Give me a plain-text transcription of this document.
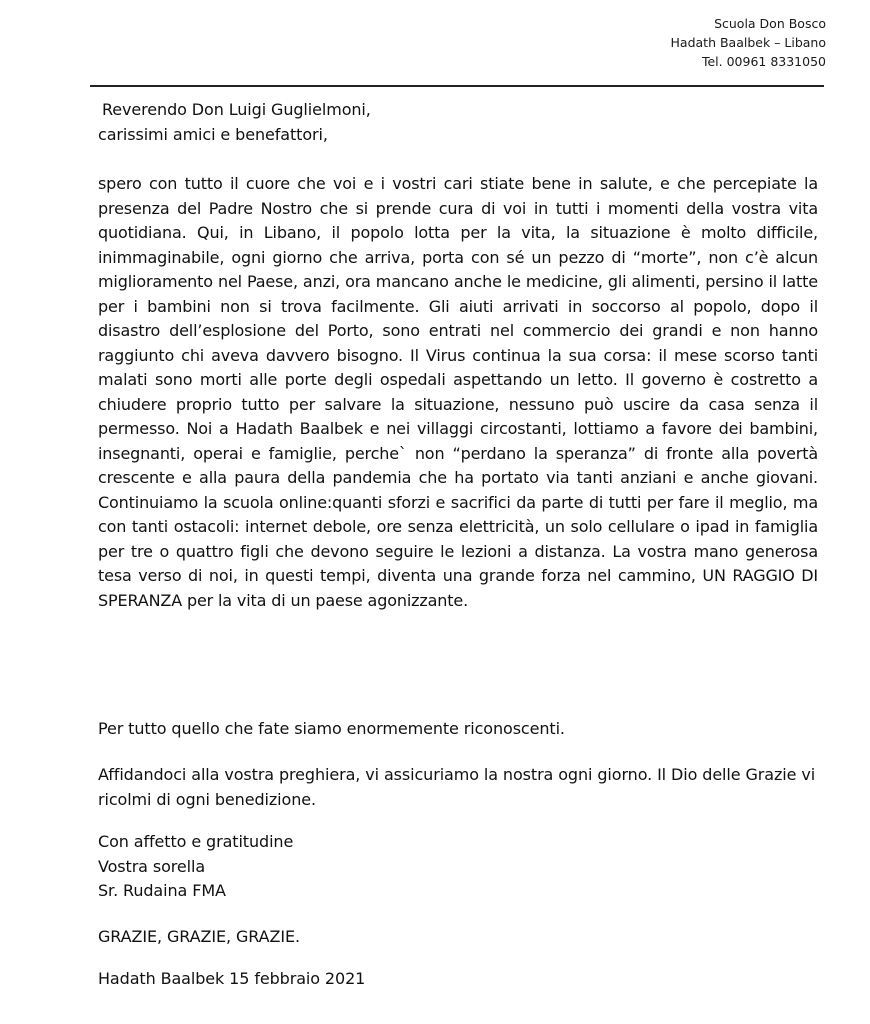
Scuola Don Bosco
Hadath Baalbek – Libano
Tel. 00961 8331050
Reverendo Don Luigi Guglielmoni,
carissimi amici e benefattori,

spero con tutto il cuore che voi e i vostri cari stiate bene in salute, e che percepiate la presenza del Padre Nostro che si prende cura di voi in tutti i momenti della vostra vita quotidiana. Qui, in Libano, il popolo lotta per la vita, la situazione è molto difficile, inimmaginabile, ogni giorno che arriva, porta con sé un pezzo di “morte”, non c’è alcun miglioramento nel Paese, anzi, ora mancano anche le medicine, gli alimenti, persino il latte per i bambini non si trova facilmente. Gli aiuti arrivati in soccorso al popolo, dopo il disastro dell’esplosione del Porto, sono entrati nel commercio dei grandi e non hanno raggiunto chi aveva davvero bisogno. Il Virus continua la sua corsa: il mese scorso tanti malati sono morti alle porte degli ospedali aspettando un letto. Il governo è costretto a chiudere proprio tutto per salvare la situazione, nessuno può uscire da casa senza il permesso. Noi a Hadath Baalbek e nei villaggi circostanti, lottiamo a favore dei bambini, insegnanti, operai e famiglie, perche` non “perdano la speranza” di fronte alla povertà crescente e alla paura della pandemia che ha portato via tanti anziani e anche giovani. Continuiamo la scuola online:quanti sforzi e sacrifici da parte di tutti per fare il meglio, ma con tanti ostacoli: internet debole, ore senza elettricità, un solo cellulare o ipad in famiglia per tre o quattro figli che devono seguire le lezioni a distanza. La vostra mano generosa tesa verso di noi, in questi tempi, diventa una grande forza nel cammino, UN RAGGIO DI SPERANZA per la vita di un paese agonizzante.

Per tutto quello che fate siamo enormemente riconoscenti.

Affidandoci alla vostra preghiera, vi assicuriamo la nostra ogni giorno. Il Dio delle Grazie vi ricolmi di ogni benedizione.

Con affetto e gratitudine
Vostra sorella
Sr. Rudaina FMA

GRAZIE, GRAZIE, GRAZIE.

Hadath Baalbek 15 febbraio 2021
